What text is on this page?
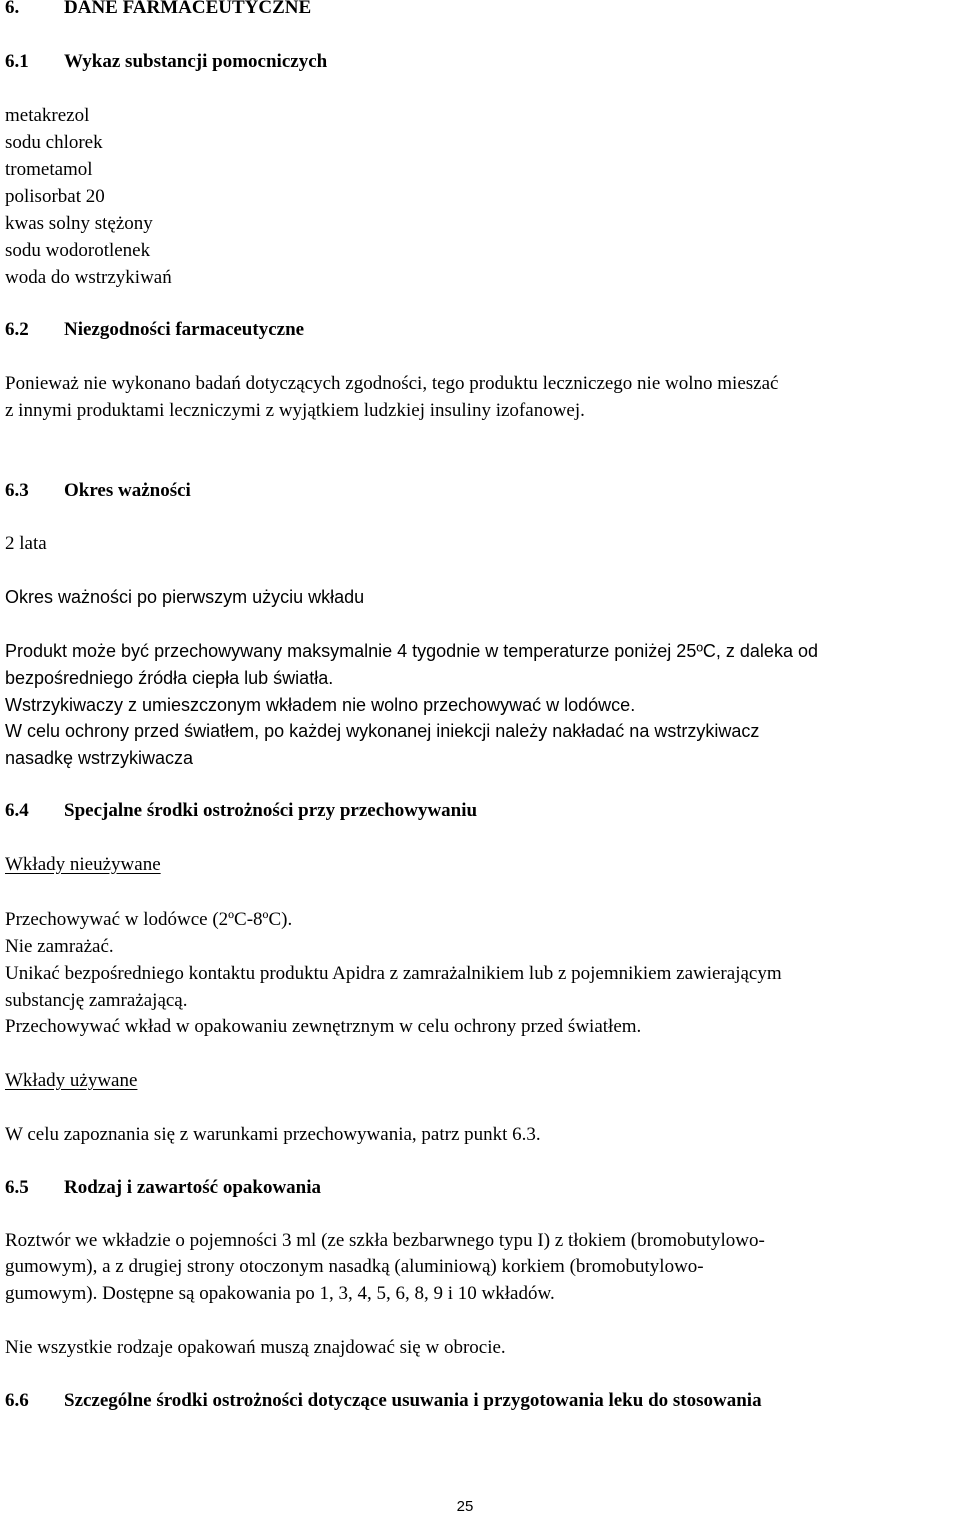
6. DANE FARMACEUTYCZNE

6.1 Wykaz substancji pomocniczych

metakrezol

sodu chlorek

trometamol

polisorbat 20

kwas solny stężony

sodu wodorotlenek

woda do wstrzykiwań

6.2 Niezgodności farmaceutyczne

Ponieważ nie wykonano badań dotyczących zgodności, tego produktu leczniczego nie wolno mieszać

z innymi produktami leczniczymi z wyjątkiem ludzkiej insuliny izofanowej.

6.3 Okres ważności

2 lata

Okres ważności po pierwszym użyciu wkładu

Produkt może być przechowywany maksymalnie 4 tygodnie w temperaturze poniżej 25ºC, z daleka od

bezpośredniego źródła ciepła lub światła.

Wstrzykiwaczy z umieszczonym wkładem nie wolno przechowywać w lodówce.

W celu ochrony przed światłem, po każdej wykonanej iniekcji należy nakładać na wstrzykiwacz

nasadkę wstrzykiwacza

6.4 Specjalne środki ostrożności przy przechowywaniu

Wkłady nieużywane

Przechowywać w lodówce (2ºC-8ºC).

Nie zamrażać.

Unikać bezpośredniego kontaktu produktu Apidra z zamrażalnikiem lub z pojemnikiem zawierającym

substancję zamrażającą.

Przechowywać wkład w opakowaniu zewnętrznym w celu ochrony przed światłem.

Wkłady używane

W celu zapoznania się z warunkami przechowywania, patrz punkt 6.3.

6.5 Rodzaj i zawartość opakowania

Roztwór we wkładzie o pojemności 3 ml (ze szkła bezbarwnego typu I) z tłokiem (bromobutylowo-

gumowym), a z drugiej strony otoczonym nasadką (aluminiową) korkiem (bromobutylowo-

gumowym). Dostępne są opakowania po 1, 3, 4, 5, 6, 8, 9 i 10 wkładów.

Nie wszystkie rodzaje opakowań muszą znajdować się w obrocie.

6.6 Szczególne środki ostrożności dotyczące usuwania i przygotowania leku do stosowania

25
